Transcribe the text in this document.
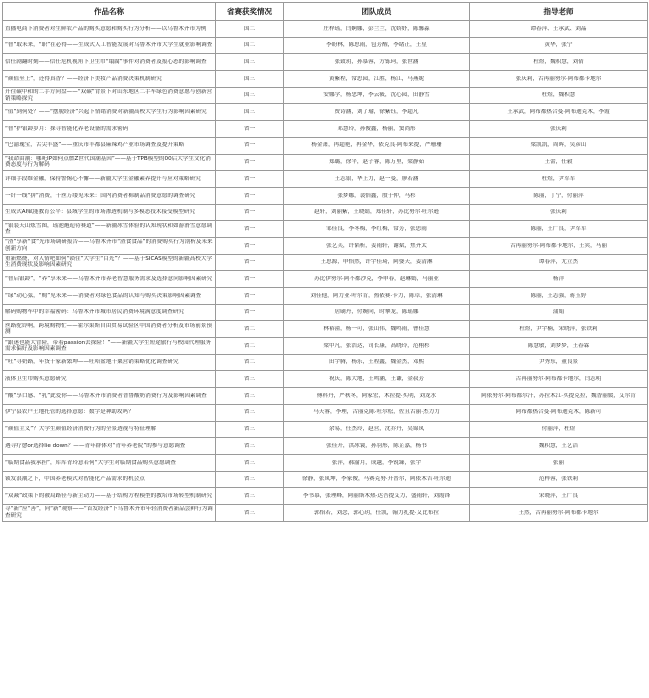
作品名称	省赛获奖情况	团队成员	指导老师

直播电商下消费者对生鲜农产品的购买意愿和购买行为分析——以乌鲁木齐市为例	国二	庄梓瑶，闫婀娜，彭兰兰，沈娇妤，陈馨淼	谭春萍、王承武、刘晶

“智”取未来，“职”在必得——生成式人工智能发展对乌鲁木齐市大学生就业影响调查	国二	李盼林，陈思雨，包芳醒，李绪正，王星	黄华，张宁

信任剧翻时刻——信任危机视角下卫生巾“塌腐”事件对消费者及报心态的影响调查	国三	张致玥，孙慕蓉，方铄珂，张世涵	杜煜，魏积慧，刘倩

“颜值至上”，还得真香？——经济下美妆产品消费决策机制研究	国三	黄紫程，常思园，江胜，杨江，马燕妮	张庆莉，古再丽努尔·阿布都卡地尔

开往碳中和的二手方向盘——“双碳”背景下对山东地区二手车绿色消费意愿与创新营销策略探究	国三	安娜学，杨忠坤，李云筱，沈心园，田静雪	杜煜，魏积慧

“值”到何处？——“摆脱经济”兴起下情绪消费对新疆高校大学生行为影响因素研究	国三	贾诗涵，刘了瑜，徐紫钰，李超凡	王承武，阿布都热合曼·阿布迪克木，李霞

“智”护银龄岁月：探寻智能化养老设备的需求密码	省一	邓慧玲，孙俊鑫，杨丽，窦尚彤	张庆莉

“巴渝瑰宝，舌尖丰盛”——重庆市丰都县麻辣鸡产业市场调查及提升策略	省一	杨金萧，冉超艳，冉金华，依克良·阿布来提，严珊珊	梁凯凯，周晖，吴彦山

“我命由潮：哪吒IP如何点燃Z世代国潮基因”——基于TPB模型的00后大学生文化消费态度与行为解码	省一	郑璐，徐平，赵子睿，陈万里，梁静茹	王蕾，任毅

详细手段维金融，保持警惕心不懈——新疆大学生金融素养提升与应对策略研究	省一	王志银，华上力，赵一曼，廖若涵	杜煜，尹军军

一针一线“拼”消费，千丝万缕见未来：国内消费者棉制品消费意愿的调查研究	省一	张梦娜，裴怡鑫，殷于仲，马杉	陈丽，丁宁，付丽萍

生成式AI赋能教育公平：县域学生的市场渗透机制与多模态技术接受模型研究	省一	赵轩，刘丽紫，王晓婧，郑佳轩，苏比努尔·吐尔逊	张庆莉

“银装天山炫雪图，瑶池邂逅待赛道”——新疆冰雪体验的认知现状和如游滑雪意愿调查	省一	邹佳良，李冬梅，李红梅，常芳，张思雨	陈丽，王广良，尹军军

“渣”享新“食”光市场调研报告——乌鲁木齐市“渣食食品”的消费购买行为剖析及未来创新方向	省一	张艺芙，许韬析，姜雨轩，谢斌，焦齐太	古再丽努尔·阿布都卡地尔，王宾，马丽

重新燃烧，对人情吧如何“锁住”大学生“目光”？——基于SICAS模型的新疆高校大学生消费现状及影响因素研究	省一	王思源，申怡然，许宇佳琦，阿婆天，姜清淋	谭春萍，尤立杰

“智启银龄”，“养”享未来——乌鲁木齐市养老智慧服务需求及选择意向影响因素研究	省一	苏比伊努尔·阿不都沙克，李申春，赵琳嫣，马丽亚	杨洋

“绿”动心弦，“购”见未来——消费者对绿色食品的认知与购买决策影响因素调查	省一	刘佳他，阿力亚·叶尔肯，热依赛·卡力，陈卓，张清琳	陈丽，王志强，蒋玉婷

解码购物车中的幸福密码：乌鲁木齐市城市居民消费环境满意度调查研究	省一	居刷丹，付婉向，时攀龙，陈瑶娜	蒲娟

丝路驼铃响，跨境购物忙——霍尔果斯自由贸易试验区中国消费者分析及市场前景预测	省二	林裕潼，杨一可，张山伟，魏鸣雨，曹佳慧	杜煜，尹宇楠，宋晓萍，张铁莉

“跟迷也能大冒险，带着passion去探险！”——新疆大学生短途旅行与校园代理服务需求偏好及影响因素调查	省二	梁甲凡，张浩达，司长康，高晓玲，范栩杉	陈慧敏，刘梦梦，王春霖

“吐”寻奶路，年货千家新繁坤——吐哈盆地千粟营销策略优化调查研究	省二	田宇腾，杨乐，王程鑫，魏金杰，邓熙	尹秀东，董良景

液体卫生巾购买意愿研究	省三	祝庆，陈大地，王鸣涵，王谦，金叔芳	古再丽努尔·阿布都卡地尔，闫志明

“酸”享口感、“乳”此爱你——乌鲁木齐市消费者普鲁酸奶消费行为及影响因素调查	省三	傅科丹，严秋冬，阿家宏，木拉提·买明，刘龙水	阿依努尔·阿布都尔汗，苏拉木江·买提克拉，魏香丽媛，艾尔肯

伊宁县农户土地托管的选择意愿：数字是神助攻吗？	省三	马天睿，李理，古丽克陈·吐尔松，佐且古丽·杰力力	阿布都热合曼·阿布迪克木，陈新可

“颜值主义”？大学生颜值经济消费行为的全景透视与特征理解	省三	余易，任杰玲，赵营，沈乔丹，吴锦凤	付丽萍，杜煜

遇寻疗愈or选择lie down？——青年群体对“青年养老院”的参与意愿调查	省三	张佳开，洪冰寰，孙羽彤，陈芷嘉，杨书	魏积慧，王艺洁

“临期食品我承担”，库库青玲意若何“大学生对临期食品购买意愿调查	省三	张萍，郝渝月，成越，李锐臻，张宇	张丽

锁发浪潮之下，中国养老模式对智能化产品需求的机会点	省三	徐静，张凤坤，李家俊，马赛克努·开普尔，阿依木吉·吐尔迪	范梓蓉，张铁莉

“双减”政策下的被局路径与新主动力——基于结构方程模型的教培市场转型机制研究	省三	李书慕，张理峰，阿丽斯木热·达吾提艾力，盛雨轩，刘霞锋	宋晓萍，王广良

寻“新”应“善”，向“新”观察——“首发经济”下乌鲁木齐市年轻消费者新品尝鲜行为调查研究	省三	郭怡若，刘念，郭心玥，任凯，翰力扎提·艾比布拉	王然，古再丽努尔·阿布都卡地尔
